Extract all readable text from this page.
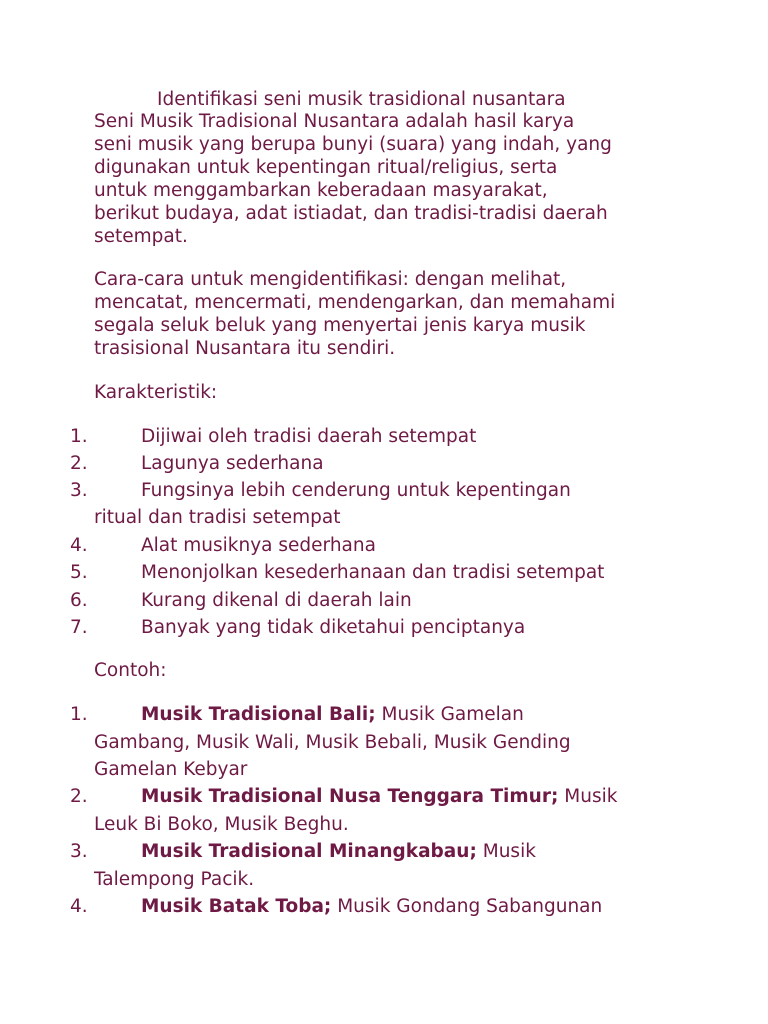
Identifikasi seni musik trasidional nusantara
Seni Musik Tradisional Nusantara adalah hasil karya
seni musik yang berupa bunyi (suara) yang indah, yang
digunakan untuk kepentingan ritual/religius, serta
untuk menggambarkan keberadaan masyarakat,
berikut budaya, adat istiadat, dan tradisi-tradisi daerah
setempat.
Cara-cara untuk mengidentifikasi: dengan melihat,
mencatat, mencermati, mendengarkan, dan memahami
segala seluk beluk yang menyertai jenis karya musik
trasisional Nusantara itu sendiri.
Karakteristik:
1.	Dijiwai oleh tradisi daerah setempat
2.	Lagunya sederhana
3.	Fungsinya lebih cenderung untuk kepentingan
ritual dan tradisi setempat
4.	Alat musiknya sederhana
5.	Menonjolkan kesederhanaan dan tradisi setempat
6.	Kurang dikenal di daerah lain
7.	Banyak yang tidak diketahui penciptanya
Contoh:
1.	Musik Tradisional Bali; Musik Gamelan
Gambang, Musik Wali, Musik Bebali, Musik Gending
Gamelan Kebyar
2.	Musik Tradisional Nusa Tenggara Timur; Musik
Leuk Bi Boko, Musik Beghu.
3.	Musik Tradisional Minangkabau; Musik
Talempong Pacik.
4.	Musik Batak Toba; Musik Gondang Sabangunan
